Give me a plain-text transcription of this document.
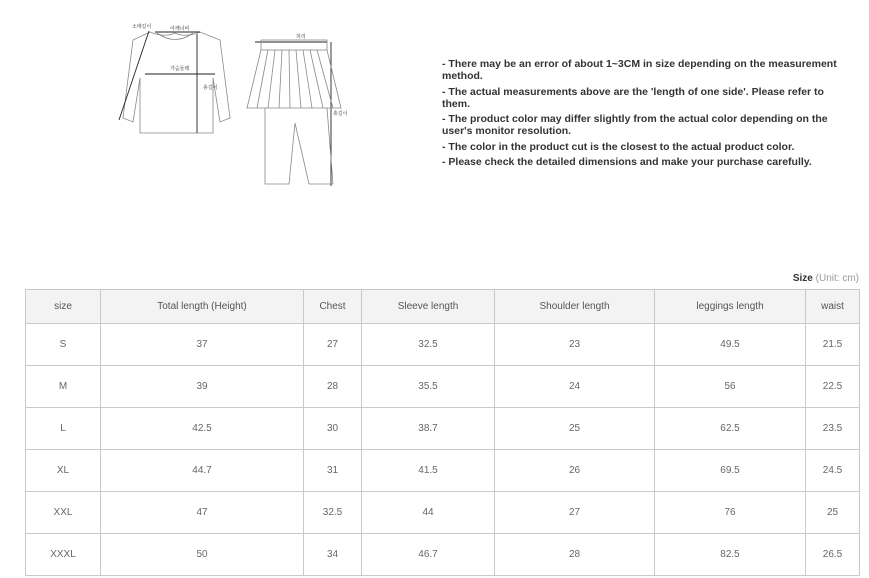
소매길이	어깨너비
가슴둘레
총길이
허리
총길이
- There may be an error of about 1~3CM in size depending on the measurement method.
- The actual measurements above are the 'length of one side'. Please refer to them.
- The product color may differ slightly from the actual color depending on the user's monitor resolution.
- The color in the product cut is the closest to the actual product color.
- Please check the detailed dimensions and make your purchase carefully.
Size (Unit: cm)
size	Total length (Height)	Chest	Sleeve length	Shoulder length	leggings length	waist
S	37	27	32.5	23	49.5	21.5
M	39	28	35.5	24	56	22.5
L	42.5	30	38.7	25	62.5	23.5
XL	44.7	31	41.5	26	69.5	24.5
XXL	47	32.5	44	27	76	25
XXXL	50	34	46.7	28	82.5	26.5
